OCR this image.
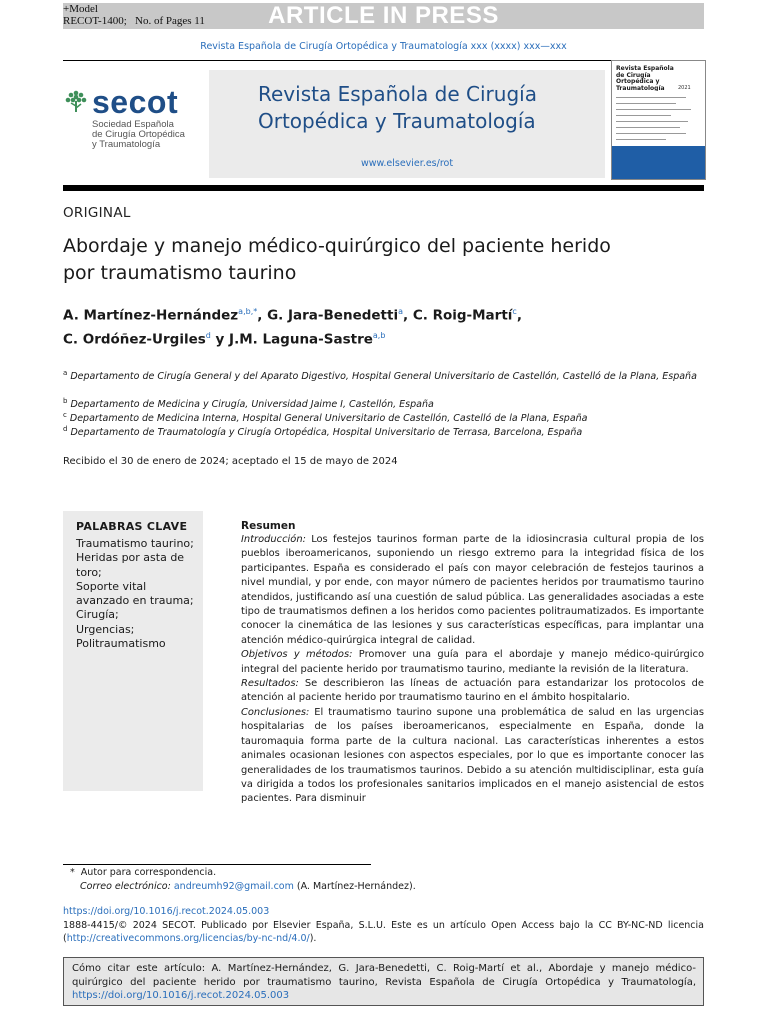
ARTICLE IN PRESS
+Model
RECOT-1400; No. of Pages 11
Revista Española de Cirugía Ortopédica y Traumatología xxx (xxxx) xxx—xxx
secot
Sociedad Española
de Cirugía Ortopédica
y Traumatología
Revista Española de Cirugía Ortopédica y Traumatología
www.elsevier.es/rot
Revista Española de Cirugía Ortopédica y Traumatología	2021
ORIGINAL
Abordaje y manejo médico-quirúrgico del paciente herido por traumatismo taurino
A. Martínez-Hernández$^{a,b,*}$, G. Jara-Benedetti$^a$, C. Roig-Martí$^c$,
C. Ordóñez-Urgiles$^d$ y J.M. Laguna-Sastre$^{a,b}$
$^a$ Departamento de Cirugía General y del Aparato Digestivo, Hospital General Universitario de Castellón, Castelló de la Plana, España
$^b$ Departamento de Medicina y Cirugía, Universidad Jaime I, Castellón, España
$^c$ Departamento de Medicina Interna, Hospital General Universitario de Castellón, Castelló de la Plana, España
$^d$ Departamento de Traumatología y Cirugía Ortopédica, Hospital Universitario de Terrasa, Barcelona, España
Recibido el 30 de enero de 2024; aceptado el 15 de mayo de 2024
PALABRAS CLAVE
Traumatismo taurino;
Heridas por asta de
toro;
Soporte vital
avanzado en trauma;
Cirugía;
Urgencias;
Politraumatismo
Resumen

Introducción: Los festejos taurinos forman parte de la idiosincrasia cultural propia de los pueblos iberoamericanos, suponiendo un riesgo extremo para la integridad física de los participantes. España es considerado el país con mayor celebración de festejos taurinos a nivel mundial, y por ende, con mayor número de pacientes heridos por traumatismo taurino atendidos, justificando así una cuestión de salud pública. Las generalidades asociadas a este tipo de traumatismos definen a los heridos como pacientes politraumatizados. Es importante conocer la cinemática de las lesiones y sus características específicas, para implantar una atención médico-quirúrgica integral de calidad.

Objetivos y métodos: Promover una guía para el abordaje y manejo médico-quirúrgico integral del paciente herido por traumatismo taurino, mediante la revisión de la literatura.

Resultados: Se describieron las líneas de actuación para estandarizar los protocolos de atención al paciente herido por traumatismo taurino en el ámbito hospitalario.

Conclusiones: El traumatismo taurino supone una problemática de salud en las urgencias hospitalarias de los países iberoamericanos, especialmente en España, donde la tauromaquia forma parte de la cultura nacional. Las características inherentes a estos animales ocasionan lesiones con aspectos especiales, por lo que es importante conocer las generalidades de los traumatismos taurinos. Debido a su atención multidisciplinar, esta guía va dirigida a todos los profesionales sanitarios implicados en el manejo asistencial de estos pacientes. Para disminuir

* Autor para correspondencia.
Correo electrónico: andreumh92@gmail.com (A. Martínez-Hernández).
https://doi.org/10.1016/j.recot.2024.05.003
1888-4415/© 2024 SECOT. Publicado por Elsevier España, S.L.U. Este es un artículo Open Access bajo la CC BY-NC-ND licencia (http://creativecommons.org/licencias/by-nc-nd/4.0/).
Cómo citar este artículo: A. Martínez-Hernández, G. Jara-Benedetti, C. Roig-Martí et al., Abordaje y manejo médico-quirúrgico del paciente herido por traumatismo taurino, Revista Española de Cirugía Ortopédica y Traumatología, https://doi.org/10.1016/j.recot.2024.05.003
